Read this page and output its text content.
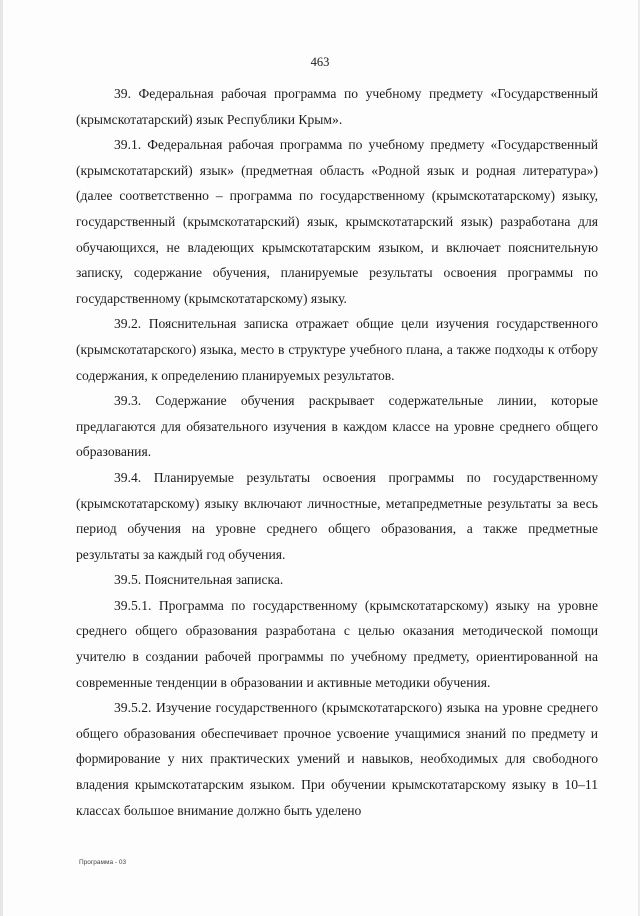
463

39. Федеральная рабочая программа по учебному предмету «Государственный (крымскотатарский) язык Республики Крым».

39.1. Федеральная рабочая программа по учебному предмету «Государственный (крымскотатарский) язык» (предметная область «Родной язык и родная литература») (далее соответственно – программа по государственному (крымскотатарскому) языку, государственный (крымскотатарский) язык, крымскотатарский язык) разработана для обучающихся, не владеющих крымскотатарским языком, и включает пояснительную записку, содержание обучения, планируемые результаты освоения программы по государственному (крымскотатарскому) языку.

39.2. Пояснительная записка отражает общие цели изучения государственного (крымскотатарского) языка, место в структуре учебного плана, а также подходы к отбору содержания, к определению планируемых результатов.

39.3. Содержание обучения раскрывает содержательные линии, которые предлагаются для обязательного изучения в каждом классе на уровне среднего общего образования.

39.4. Планируемые результаты освоения программы по государственному (крымскотатарскому) языку включают личностные, метапредметные результаты за весь период обучения на уровне среднего общего образования, а также предметные результаты за каждый год обучения.

39.5. Пояснительная записка.

39.5.1. Программа по государственному (крымскотатарскому) языку на уровне среднего общего образования разработана с целью оказания методической помощи учителю в создании рабочей программы по учебному предмету, ориентированной на современные тенденции в образовании и активные методики обучения.

39.5.2. Изучение государственного (крымскотатарского) языка на уровне среднего общего образования обеспечивает прочное усвоение учащимися знаний по предмету и формирование у них практических умений и навыков, необходимых для свободного владения крымскотатарским языком. При обучении крымскотатарскому языку в 10–11 классах большое внимание должно быть уделено

Программа - 03
